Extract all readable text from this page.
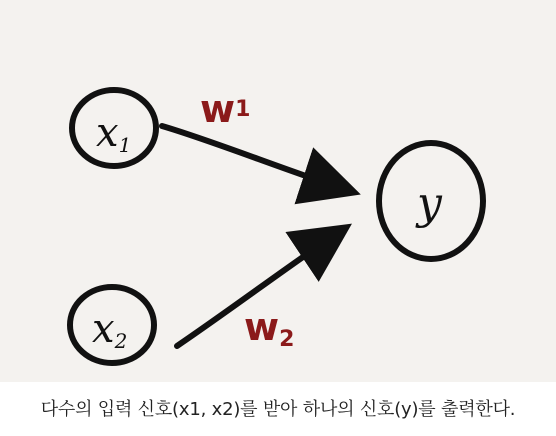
x1
x2
y
w1
w2
다수의 입력 신호(x1, x2)를 받아 하나의 신호(y)를 출력한다.
